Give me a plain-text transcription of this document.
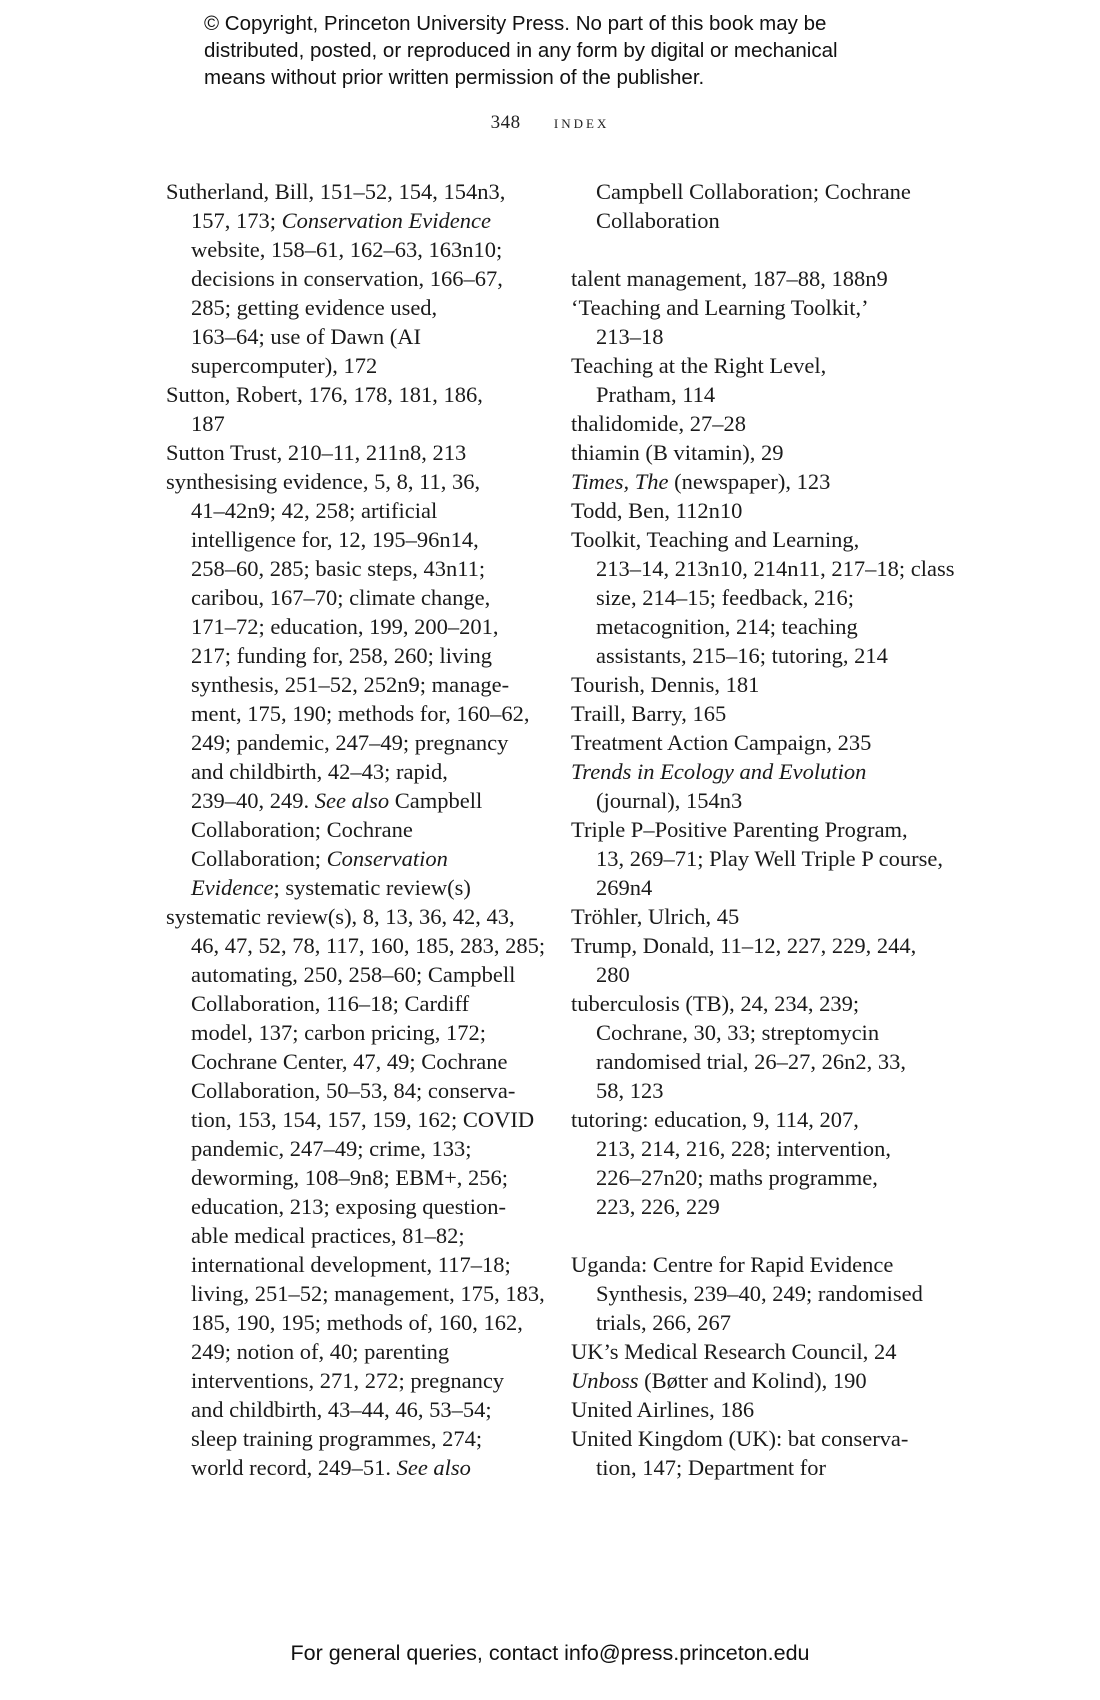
© Copyright, Princeton University Press. No part of this book may be
distributed, posted, or reproduced in any form by digital or mechanical
means without prior written permission of the publisher.
348 index
Sutherland, Bill, 151–52, 154, 154n3,
157, 173; Conservation Evidence
website, 158–61, 162–63, 163n10;
decisions in conservation, 166–67,
285; getting evidence used,
163–64; use of Dawn (AI
supercomputer), 172
Sutton, Robert, 176, 178, 181, 186,
187
Sutton Trust, 210–11, 211n8, 213
synthesising evidence, 5, 8, 11, 36,
41–42n9; 42, 258; artificial
intelligence for, 12, 195–96n14,
258–60, 285; basic steps, 43n11;
caribou, 167–70; climate change,
171–72; education, 199, 200–201,
217; funding for, 258, 260; living
synthesis, 251–52, 252n9; manage-
ment, 175, 190; methods for, 160–62,
249; pandemic, 247–49; pregnancy
and childbirth, 42–43; rapid,
239–40, 249. See also Campbell
Collaboration; Cochrane
Collaboration; Conservation
Evidence; systematic review(s)
systematic review(s), 8, 13, 36, 42, 43,
46, 47, 52, 78, 117, 160, 185, 283, 285;
automating, 250, 258–60; Campbell
Collaboration, 116–18; Cardiff
model, 137; carbon pricing, 172;
Cochrane Center, 47, 49; Cochrane
Collaboration, 50–53, 84; conserva-
tion, 153, 154, 157, 159, 162; COVID
pandemic, 247–49; crime, 133;
deworming, 108–9n8; EBM+, 256;
education, 213; exposing question-
able medical practices, 81–82;
international development, 117–18;
living, 251–52; management, 175, 183,
185, 190, 195; methods of, 160, 162,
249; notion of, 40; parenting
interventions, 271, 272; pregnancy
and childbirth, 43–44, 46, 53–54;
sleep training programmes, 274;
world record, 249–51. See also
Campbell Collaboration; Cochrane
Collaboration
talent management, 187–88, 188n9
‘Teaching and Learning Toolkit,’
213–18
Teaching at the Right Level,
Pratham, 114
thalidomide, 27–28
thiamin (B vitamin), 29
Times, The (newspaper), 123
Todd, Ben, 112n10
Toolkit, Teaching and Learning,
213–14, 213n10, 214n11, 217–18; class
size, 214–15; feedback, 216;
metacognition, 214; teaching
assistants, 215–16; tutoring, 214
Tourish, Dennis, 181
Traill, Barry, 165
Treatment Action Campaign, 235
Trends in Ecology and Evolution
(journal), 154n3
Triple P–Positive Parenting Program,
13, 269–71; Play Well Triple P course,
269n4
Tröhler, Ulrich, 45
Trump, Donald, 11–12, 227, 229, 244,
280
tuberculosis (TB), 24, 234, 239;
Cochrane, 30, 33; streptomycin
randomised trial, 26–27, 26n2, 33,
58, 123
tutoring: education, 9, 114, 207,
213, 214, 216, 228; intervention,
226–27n20; maths programme,
223, 226, 229
Uganda: Centre for Rapid Evidence
Synthesis, 239–40, 249; randomised
trials, 266, 267
UK’s Medical Research Council, 24
Unboss (Bøtter and Kolind), 190
United Airlines, 186
United Kingdom (UK): bat conserva-
tion, 147; Department for
For general queries, contact info@press.princeton.edu
